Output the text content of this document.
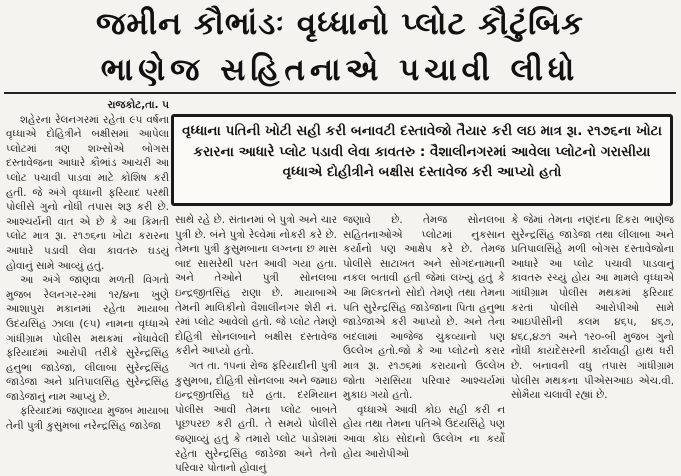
જમીન કૌભાંડઃ વૃધ્ધાનો પ્લોટ કૌટુંબિક
ભાણેજ સહિતનાએ પચાવી લીધો

રાજકોટ,તા. ૫

શહેરના રેલનગરમાં રહેતા ૯૫ વર્ષના વૃધ્ધાએ દોહિત્રીને બક્ષીસમાં આપેલા પ્લોટમાં ત્રણ શખ્સોએ બોગસ દસ્તાવેજના આધારે કૌભાંડ આચરી આ પ્લોટ પચાવી પાડવા માટે કોશિષ કરી હતી. જે અંગે વૃધ્ધાની ફરિયાદ પરથી પોલીસે ગુનો નોંધી તપાસ શરૂ કરી છે. આશ્ચર્યની વાત એ છે કે આ કિમતી પ્લોટ માત્ર રૂા. ર૧૭૬ના ખોટા કરારના આધારે પડાવી લેવા કાવતરુ ઘડયું હોવાનું સામે આવ્યું હતું.

આ અંગે જાણવા મળતી વિગતો મુજબ રેલનગર-રમાં ૧ર/૪ના ખુણે આશાપુરા મકાનમાં રહેતા માયાબા ઉદયસિંહ ઝાલા (૯૫) નામના વૃધ્ધાએ ગાંધીગ્રામ પોલીસ મથકમાં નોંધાવેલી ફરિયાદમાં આરોપી તરીકે સુરેન્દ્રસિંહ હનુભા જાડેજા, લીલાબા સુરેન્દ્રસિંહ જાડેજા અને પ્રતિપાલસિંહ સુરેન્દ્રસિંહ જાડેજાનું નામ આપ્યું છે.

ફરિયાદમાં જણાવ્યા મુજબ માયાબા તેની પુત્રી કુસુમબા નરેન્દ્રસિંહ જાડેજા

વૃધ્ધાના પતિની ખોટી સહી કરી બનાવટી દસ્તાવેજો તૈયાર કરી લઇ માત્ર રૂા. ર૧૭૬ના ખોટા કરારના આધારે પ્લોટ પડાવી લેવા કાવતરુ : વૈશાલીનગરમાં આવેલા પ્લોટનો ગરાસીયા વૃધ્ધાએ દોહીત્રીને બક્ષીસ દસ્તાવેજ કરી આપ્યો હતો

સાથે રહે છે. સંતાનમાં બે પુત્રો અને ચાર પુત્રી છે. બંને પુત્રો રેલ્વેમાં નોકરી કરે છે. તેમના પુત્રી કુસુમબાના લગ્નના છ માસ બાદ સાસરેથી પરત આવી ગયા હતા. અને તેઓને પુત્રી સોનલબા ઇન્દ્રજીતસિંહ રાણા છે. માયાબાએ તેમની માલિકીનો વૈશાલીનગર શેરી નં. રમાં પ્લોટ આવેલો હતો. જે પ્લોટ તેમણે દોહિત્રી સોનલબાને બક્ષીસ દસ્તાવેજ કરીને આપ્યો હતો.

ગત તા. ૧૫નાં રોજ ફરિયાદીની પુત્રી કુસુમબા, દોહિત્રી સોનલબા અને જમાઇ ઇન્દ્રજીતસિંહ ઘરે હતા. દરમિયાન પોલીસ આવી તેમના પ્લોટ બાબતે પૂછપરછ કરી હતી. તે સમયે પોલીસે જણાવ્યું હતું કે તમારો પ્લોટ પાડોશમાં રહેતા સુરેન્દ્રસિંહ જાડેજા અને તેનો પરિવાર પોતાનો હોવાનું

જણાવે છે. તેમજ સોનલબા સહિતનાઓએ પ્લોટમાં નુકસાન કર્યાનો પણ આક્ષેપ કરે છે. તેમજ પોલીસે સાટાખત અને સોગંદનામાની નકલ બતાવી હતી જેમાં લખ્યું હતું કે આ મિલ્કતનો સોદો તેમણે તથા તેમના પતિ સુરેન્દ્રસિંહ જાડેજાના પિતા હનુભા જાડેજાએ કરી આપ્યો છે. અને તેના બદલામાં આજેજ ચુકવ્યાનો પણ ઉલ્લેખ હતો.જો કે આ પ્લોટનો કરાર માત્ર રૂા. ર૧૭૬માં કરાયાનો ઉલ્લેખ જોતા ગરાસિયા પરિવાર આશ્ચર્યમાં મુકાઇ ગયો હતો.

વૃધ્ધાએ આવી કોઇ સહી કરી ન હોય તથા તેમના પતિએ ઉદયસિંહે પણ આવા કોઇ સોદાનો ઉલ્લેખ ના કર્યો હોય આરોપીઓ

કે જેમાં તેમના નણંદના દિકરા ભાણેજ સુરેન્દ્રસિંહ જાડેજા તથા લીલાબા અને પ્રતિપાલસિંહે મળી બોગસ દસ્તાવેજોના આધારે આ પ્લોટ પચાવી પાડવાનું કાવતરુ રચ્યું હોય આ મામલે વૃધ્ધાએ ગાંધીગ્રામ પોલીસ મથકમાં ફરિયાદ કરતાં પોલીસે આરોપીઓ સામે આઇપીસીની કલમ ૪૬૫, ૪૬૭, ૪૬૮,૪૭૧ અને ૧ર૦-બી મુજબ ગુનો નોંધી કાયદેસરની કાર્યવાહી હાથ ધરી છે. બનાવની વધુ તપાસ ગાંધીગ્રામ પોલીસ મથકના પીએસઆઇ એચ.વી. સોમૈયા ચલાવી રહ્યાં છે.
